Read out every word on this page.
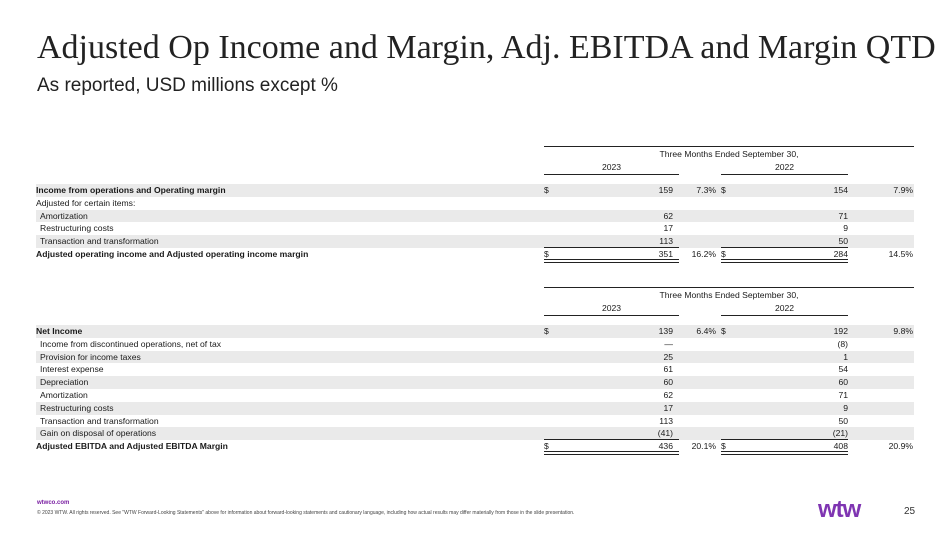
Adjusted Op Income and Margin, Adj. EBITDA and Margin QTD
As reported, USD millions except %
Three Months Ended September 30,
2023	2022
Income from operations and Operating margin	$	159	7.3% $	154	7.9%
Adjusted for certain items:
Amortization	62	71
Restructuring costs	17	9
Transaction and transformation	113	50
Adjusted operating income and Adjusted operating income margin	$	351	16.2% $	284	14.5%
Three Months Ended September 30,
2023	2022
Net Income	$	139	6.4% $	192	9.8%
Income from discontinued operations, net of tax	—	(8)
Provision for income taxes	25	1
Interest expense	61	54
Depreciation	60	60
Amortization	62	71
Restructuring costs	17	9
Transaction and transformation	113	50
Gain on disposal of operations	(41)	(21)
Adjusted EBITDA and Adjusted EBITDA Margin	$	436	20.1% $	408	20.9%
wtwco.com
© 2023 WTW. All rights reserved. See "WTW Forward-Looking Statements" above for information about forward-looking statements and cautionary language, including how actual results may differ materially from those in the slide presentation.	wtw	25
